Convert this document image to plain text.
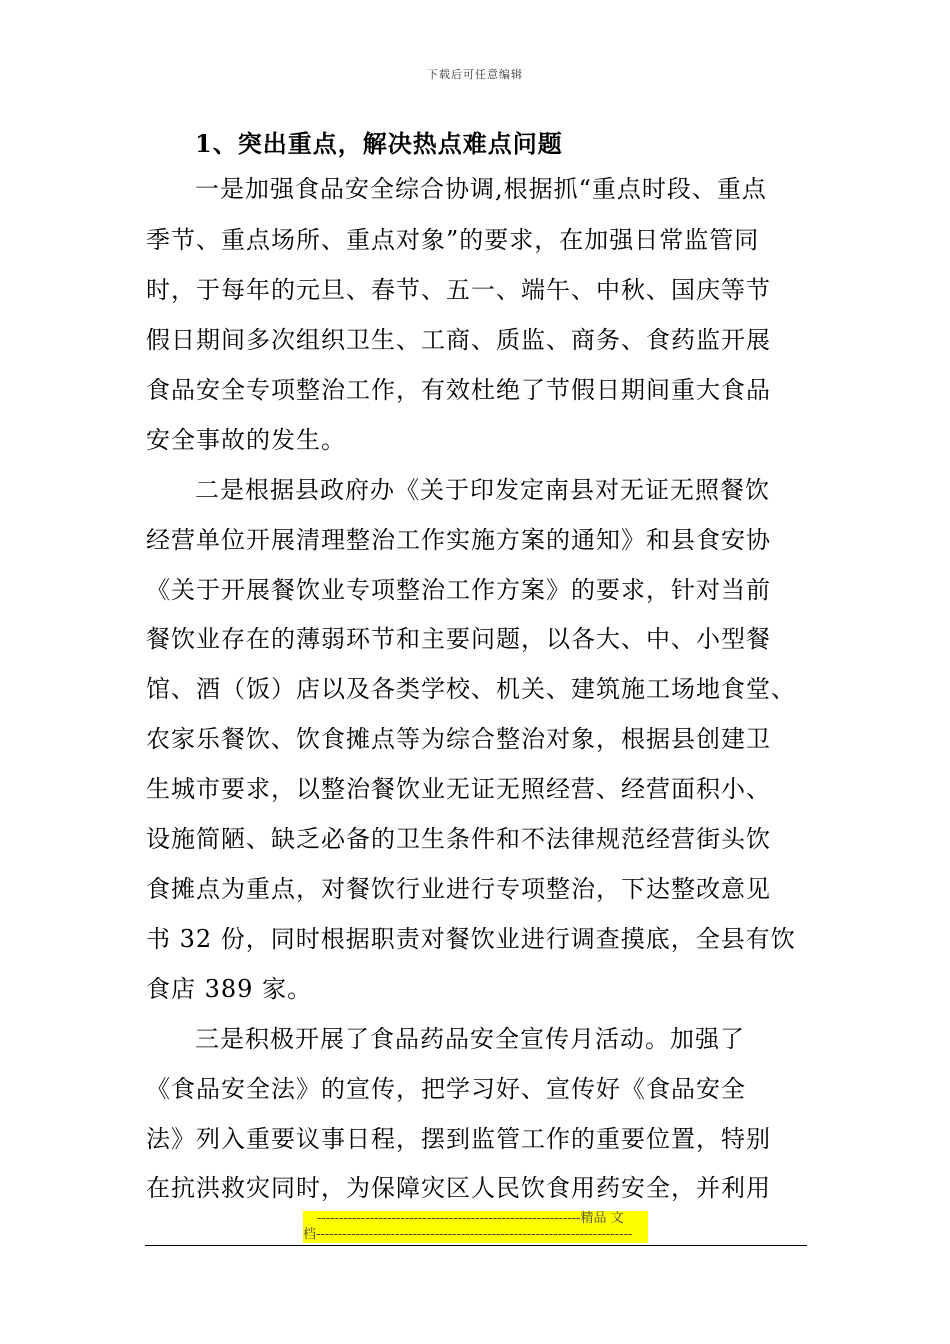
下载后可任意编辑
1、突出重点，解决热点难点问题
一是加强食品安全综合协调,根据抓“重点时段、重点
季节、重点场所、重点对象”的要求，在加强日常监管同
时，于每年的元旦、春节、五一、端午、中秋、国庆等节
假日期间多次组织卫生、工商、质监、商务、食药监开展
食品安全专项整治工作，有效杜绝了节假日期间重大食品
安全事故的发生。
二是根据县政府办《关于印发定南县对无证无照餐饮
经营单位开展清理整治工作实施方案的通知》和县食安协
《关于开展餐饮业专项整治工作方案》的要求，针对当前
餐饮业存在的薄弱环节和主要问题，以各大、中、小型餐
馆、酒（饭）店以及各类学校、机关、建筑施工场地食堂、
农家乐餐饮、饮食摊点等为综合整治对象，根据县创建卫
生城市要求，以整治餐饮业无证无照经营、经营面积小、
设施简陋、缺乏必备的卫生条件和不法律规范经营街头饮
食摊点为重点，对餐饮行业进行专项整治，下达整改意见
书 32 份，同时根据职责对餐饮业进行调查摸底，全县有饮
食店 389 家。
三是积极开展了食品药品安全宣传月活动。加强了
《食品安全法》的宣传，把学习好、宣传好《食品安全
法》列入重要议事日程，摆到监管工作的重要位置，特别
在抗洪救灾同时，为保障灾区人民饮食用药安全，并利用
------------------------------------------------------------精品 文
档------------------------------------------------------------------------
